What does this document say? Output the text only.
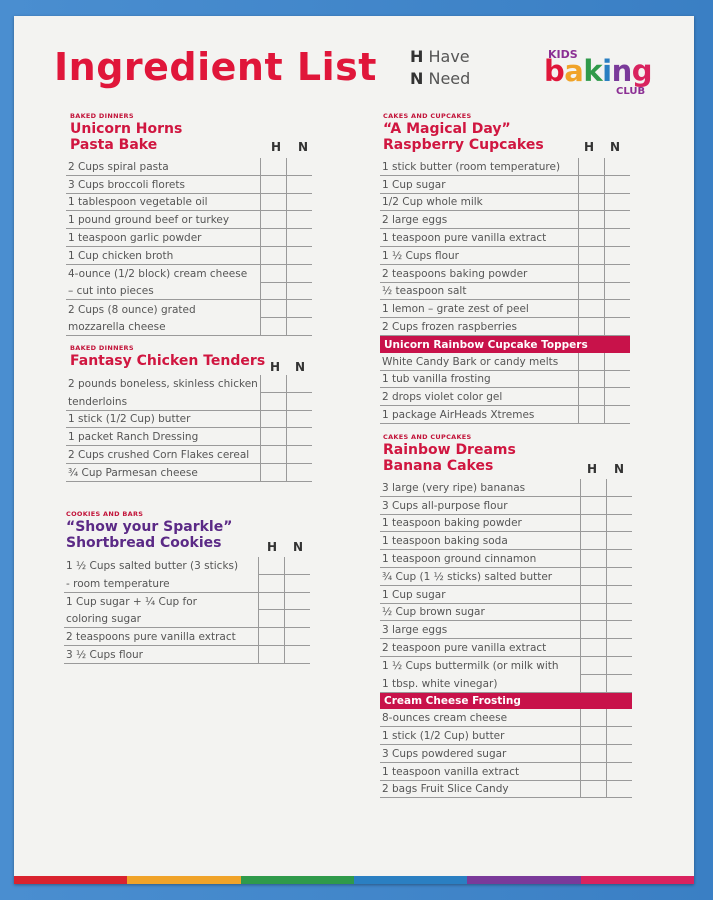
Ingredient List H Have
N Need
KIDS
baking
CLUB
BAKED DINNERS
Unicorn Horns
Pasta Bake	H N
2 Cups spiral pasta		
3 Cups broccoli florets		
1 tablespoon vegetable oil		
1 pound ground beef or turkey		
1 teaspoon garlic powder		
1 Cup chicken broth		
4-ounce (1/2 block) cream cheese		
– cut into pieces		
2 Cups (8 ounce) grated		
mozzarella cheese		
BAKED DINNERS
Fantasy Chicken Tenders H N
2 pounds boneless, skinless chicken		
tenderloins		
1 stick (1/2 Cup) butter		
1 packet Ranch Dressing		
2 Cups crushed Corn Flakes cereal		
¾ Cup Parmesan cheese		
COOKIES AND BARS
“Show your Sparkle”
Shortbread Cookies	H N
1 ½ Cups salted butter (3 sticks)		
- room temperature		
1 Cup sugar + ¼ Cup for		
coloring sugar		
2 teaspoons pure vanilla extract		
3 ½ Cups flour		
CAKES AND CUPCAKES
“A Magical Day”
Raspberry Cupcakes	H N
1 stick butter (room temperature)		
1 Cup sugar		
1/2 Cup whole milk		
2 large eggs		
1 teaspoon pure vanilla extract		
1 ½ Cups flour		
2 teaspoons baking powder		
½ teaspoon salt		
1 lemon – grate zest of peel		
2 Cups frozen raspberries		
Unicorn Rainbow Cupcake Toppers		
White Candy Bark or candy melts		
1 tub vanilla frosting		
2 drops violet color gel		
1 package AirHeads Xtremes		
CAKES AND CUPCAKES
Rainbow Dreams
Banana Cakes	H N
3 large (very ripe) bananas		
3 Cups all-purpose flour		
1 teaspoon baking powder		
1 teaspoon baking soda		
1 teaspoon ground cinnamon		
¾ Cup (1 ½ sticks) salted butter		
1 Cup sugar		
½ Cup brown sugar		
3 large eggs		
2 teaspoon pure vanilla extract		
1 ½ Cups buttermilk (or milk with		
1 tbsp. white vinegar)		
Cream Cheese Frosting		
8-ounces cream cheese		
1 stick (1/2 Cup) butter		
3 Cups powdered sugar		
1 teaspoon vanilla extract		
2 bags Fruit Slice Candy		
